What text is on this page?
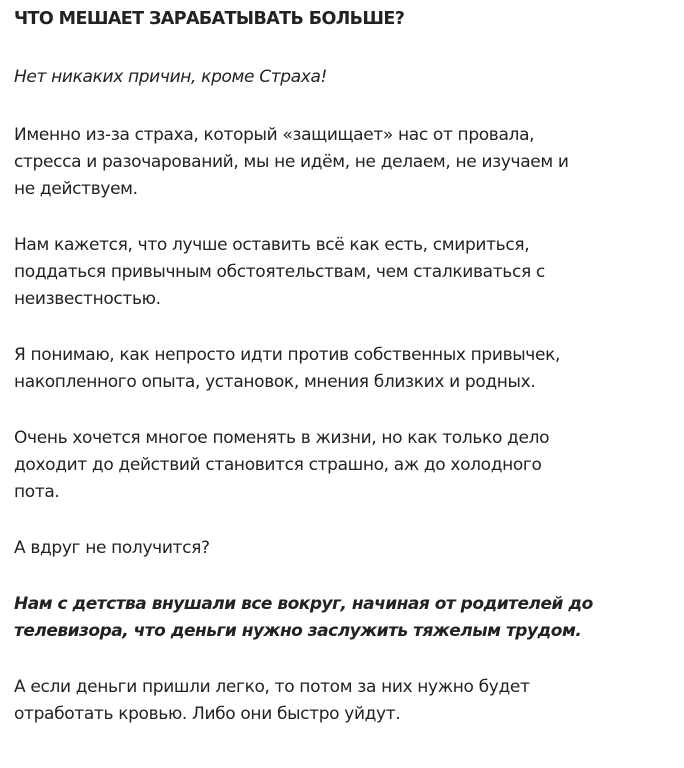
ЧТО МЕШАЕТ ЗАРАБАТЫВАТЬ БОЛЬШЕ?
Нет никаких причин, кроме Страха!
Именно из-за страха, который «защищает» нас от провала,
стресса и разочарований, мы не идём, не делаем, не изучаем и
не действуем.
Нам кажется, что лучше оставить всё как есть, смириться,
поддаться привычным обстоятельствам, чем сталкиваться с
неизвестностью.
Я понимаю, как непросто идти против собственных привычек,
накопленного опыта, установок, мнения близких и родных.
Очень хочется многое поменять в жизни, но как только дело
доходит до действий становится страшно, аж до холодного
пота.
А вдруг не получится?
Нам с детства внушали все вокруг, начиная от родителей до
телевизора, что деньги нужно заслужить тяжелым трудом.
А если деньги пришли легко, то потом за них нужно будет
отработать кровью. Либо они быстро уйдут.
